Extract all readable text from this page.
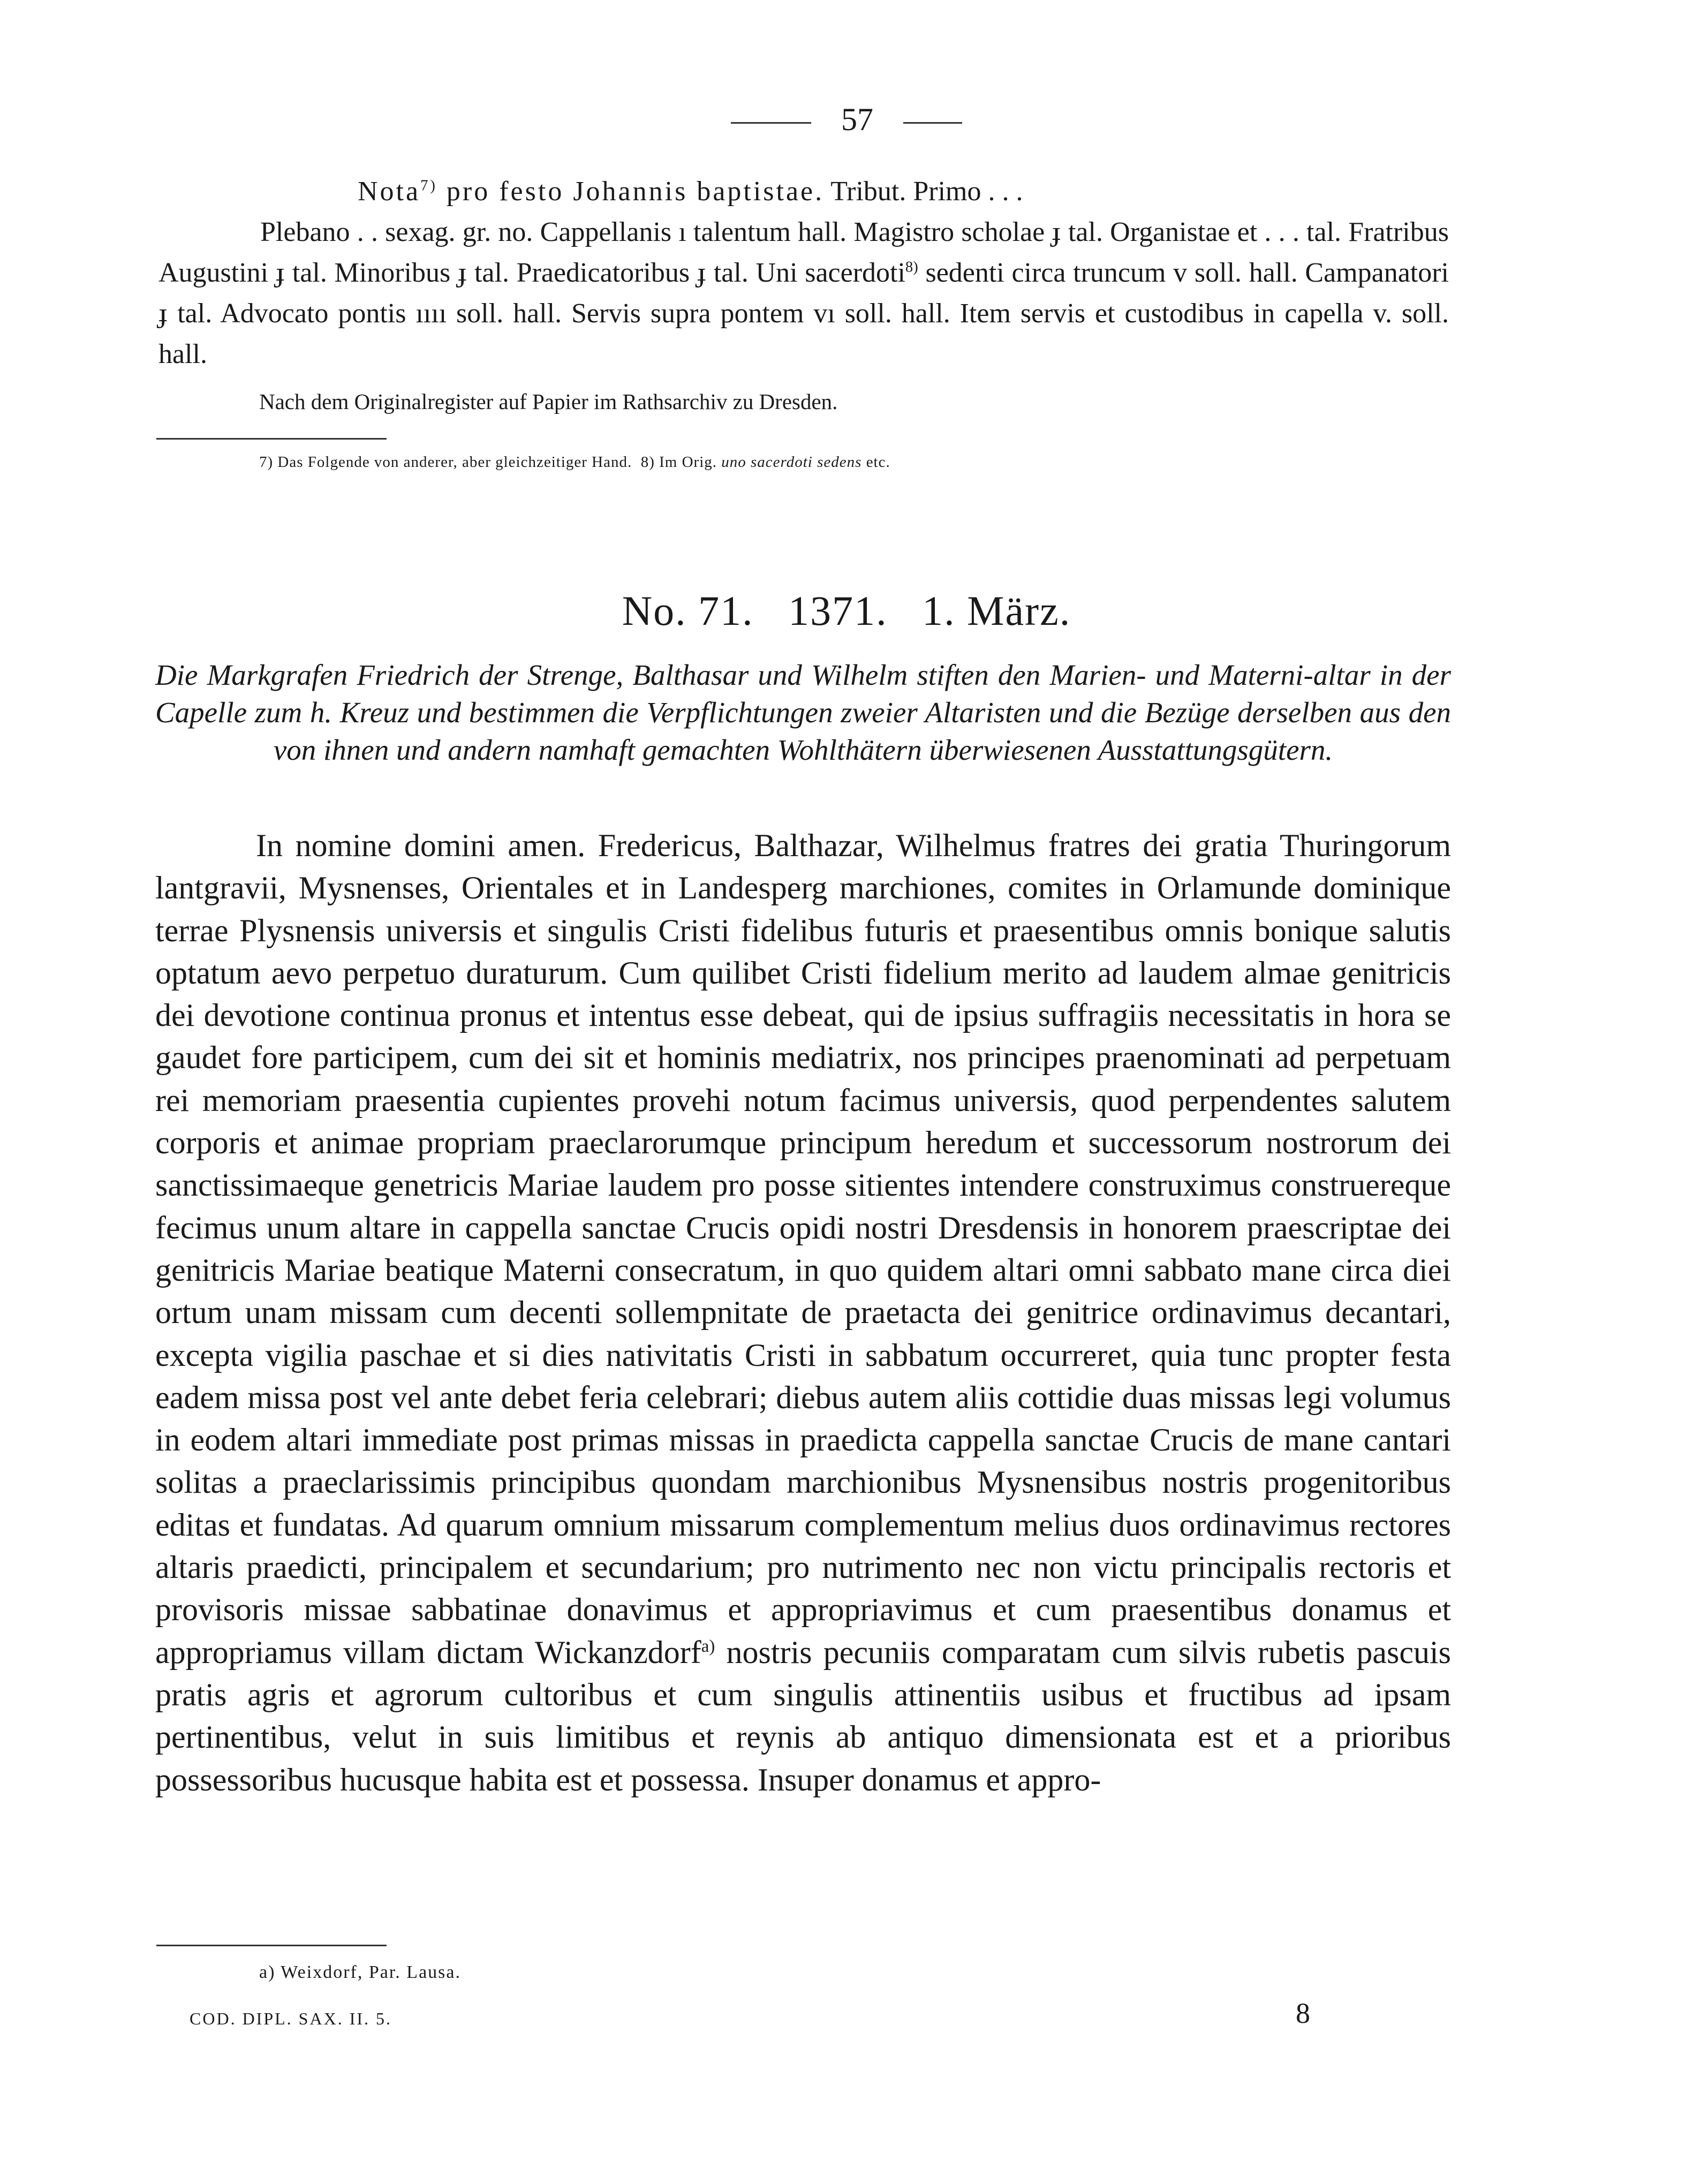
57
Nota$^{7)}$ pro festo Johannis baptistae. Tribut. Primo . . .

Plebano . . sexag. gr. no. Cappellanis ı talentum hall. Magistro scholae ɟ tal. Organistae et . . . tal. Fratribus Augustini ɟ tal. Minoribus ɟ tal. Praedicatoribus ɟ tal. Uni sacerdoti$^{8)}$ sedenti circa truncum v soll. hall. Campanatori ɟ tal. Advocato pontis ıııı soll. hall. Servis supra pontem vı soll. hall. Item servis et custodibus in capella v. soll. hall.

Nach dem Originalregister auf Papier im Rathsarchiv zu Dresden.
7) Das Folgende von anderer, aber gleichzeitiger Hand. 8) Im Orig. uno sacerdoti sedens etc.
No. 71.   1371.   1. März.
Die Markgrafen Friedrich der Strenge, Balthasar und Wilhelm stiften den Marien- und Materni-altar in der Capelle zum h. Kreuz und bestimmen die Verpflichtungen zweier Altaristen und die Bezüge derselben aus den von ihnen und andern namhaft gemachten Wohlthätern überwiesenen Ausstattungsgütern.

In nomine domini amen. Fredericus, Balthazar, Wilhelmus fratres dei gratia Thuringorum lantgravii, Mysnenses, Orientales et in Landesperg marchiones, comites in Orlamunde dominique terrae Plysnensis universis et singulis Cristi fidelibus futuris et praesentibus omnis bonique salutis optatum aevo perpetuo duraturum. Cum quilibet Cristi fidelium merito ad laudem almae genitricis dei devotione continua pronus et intentus esse debeat, qui de ipsius suffragiis necessitatis in hora se gaudet fore participem, cum dei sit et hominis mediatrix, nos principes praenominati ad perpetuam rei memoriam praesentia cupientes provehi notum facimus universis, quod perpendentes salutem corporis et animae propriam praeclarorumque principum heredum et successorum nostrorum dei sanctissimaeque genetricis Mariae laudem pro posse sitientes intendere construximus construereque fecimus unum altare in cappella sanctae Crucis opidi nostri Dresdensis in honorem praescriptae dei genitricis Mariae beatique Materni consecratum, in quo quidem altari omni sabbato mane circa diei ortum unam missam cum decenti sollempnitate de praetacta dei genitrice ordinavimus decantari, excepta vigilia paschae et si dies nativitatis Cristi in sabbatum occurreret, quia tunc propter festa eadem missa post vel ante debet feria celebrari; diebus autem aliis cottidie duas missas legi volumus in eodem altari immediate post primas missas in praedicta cappella sanctae Crucis de mane cantari solitas a praeclarissimis principibus quondam marchionibus Mysnensibus nostris progenitoribus editas et fundatas. Ad quarum omnium missarum complementum melius duos ordinavimus rectores altaris praedicti, principalem et secundarium; pro nutrimento nec non victu principalis rectoris et provisoris missae sabbatinae donavimus et appropriavimus et cum praesentibus donamus et appropriamus villam dictam Wickanzdorf$^{a)}$ nostris pecuniis comparatam cum silvis rubetis pascuis pratis agris et agrorum cultoribus et cum singulis attinentiis usibus et fructibus ad ipsam pertinentibus, velut in suis limitibus et reynis ab antiquo dimensionata est et a prioribus possessoribus hucusque habita est et possessa. Insuper donamus et appro-

a) Weixdorf, Par. Lausa.
COD. DIPL. SAX. II. 5.	8
